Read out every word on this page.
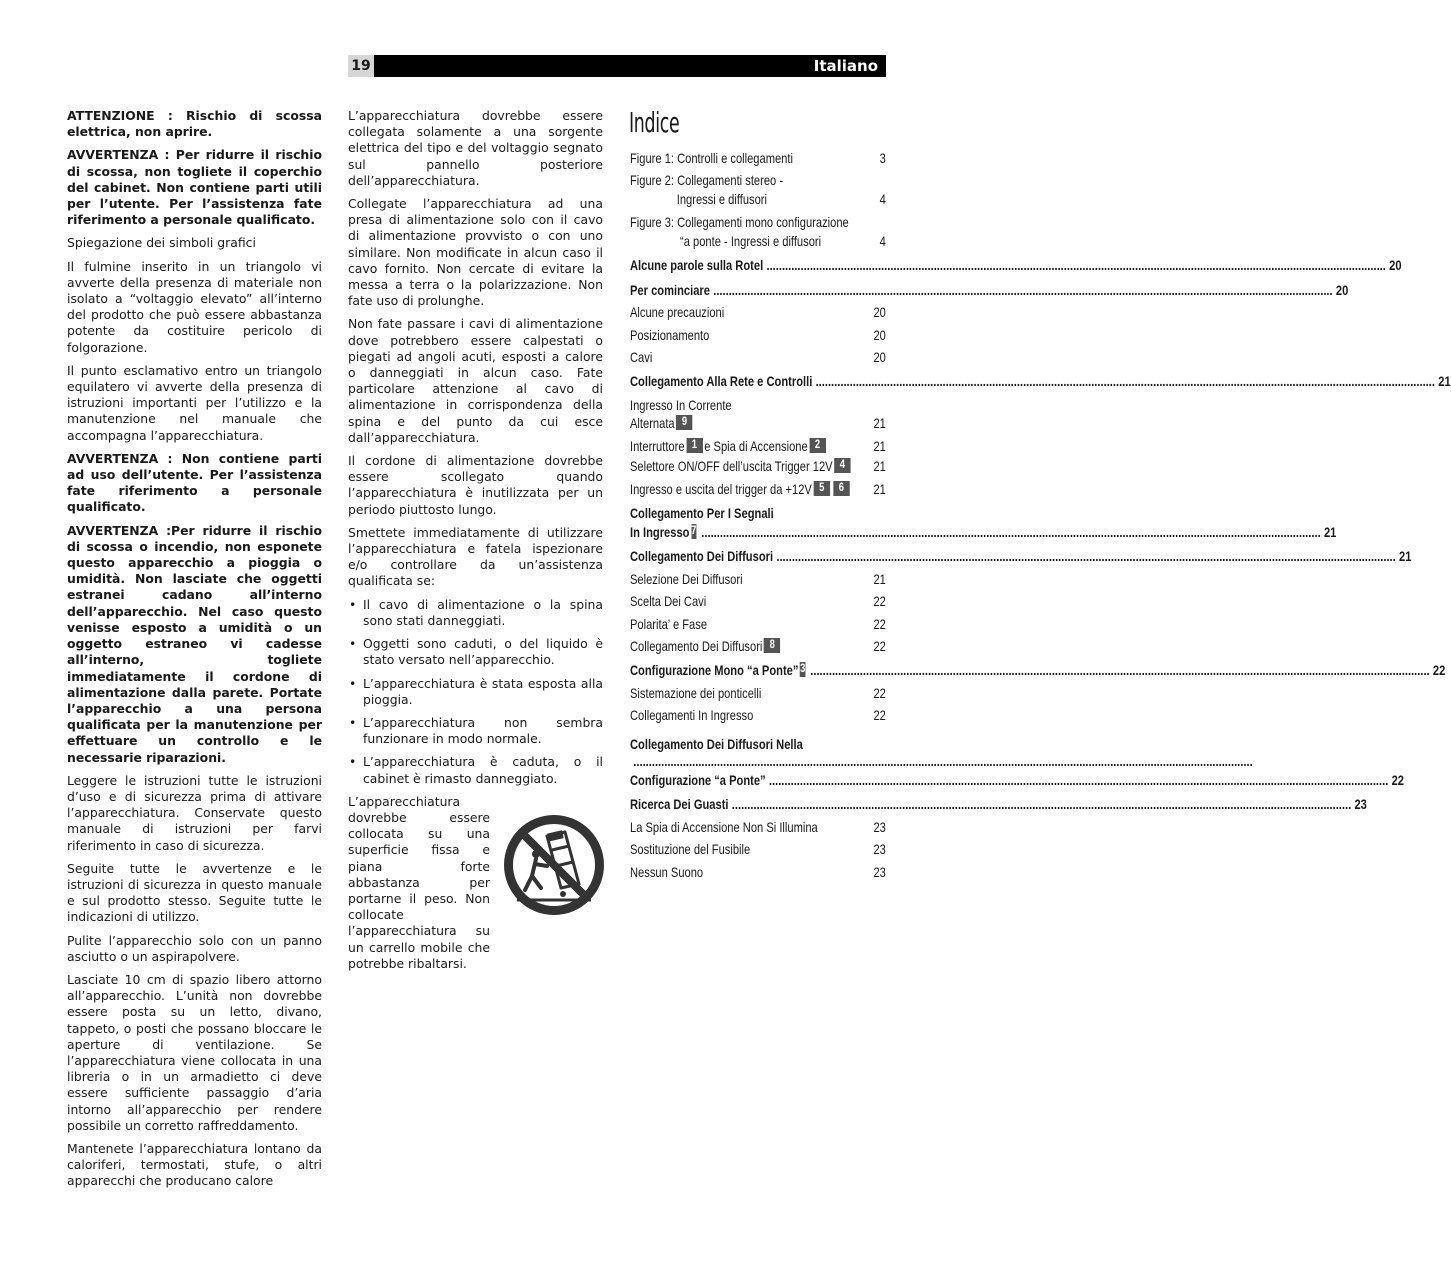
19	Italiano

ATTENZIONE : Rischio di scossa elettrica, non aprire.

AVVERTENZA : Per ridurre il rischio di scossa, non togliete il coperchio del cabinet. Non contiene parti utili per l’utente. Per l’assistenza fate riferimento a personale qualificato.

Spiegazione dei simboli grafici

Il fulmine inserito in un triangolo vi avverte della presenza di materiale non isolato a “voltaggio elevato” all’interno del prodotto che può essere abbastanza potente da costituire pericolo di folgorazione.

Il punto esclamativo entro un triangolo equilatero vi avverte della presenza di istruzioni importanti per l’utilizzo e la manutenzione nel manuale che accompagna l’apparecchiatura.

AVVERTENZA : Non contiene parti ad uso dell’utente. Per l’assistenza fate riferimento a personale qualificato.

AVVERTENZA :Per ridurre il rischio di scossa o incendio, non esponete questo apparecchio a pioggia o umidità. Non lasciate che oggetti estranei cadano all’interno dell’apparecchio. Nel caso questo venisse esposto a umidità o un oggetto estraneo vi cadesse all’interno, togliete immediatamente il cordone di alimentazione dalla parete. Portate l’apparecchio a una persona qualificata per la manutenzione per effettuare un controllo e le necessarie riparazioni.

Leggere le istruzioni tutte le istruzioni d’uso e di sicurezza prima di attivare l’apparecchiatura. Conservate questo manuale di istruzioni per farvi riferimento in caso di sicurezza.

Seguite tutte le avvertenze e le istruzioni di sicurezza in questo manuale e sul prodotto stesso. Seguite tutte le indicazioni di utilizzo.

Pulite l’apparecchio solo con un panno asciutto o un aspirapolvere.

Lasciate 10 cm di spazio libero attorno all’apparecchio. L’unità non dovrebbe essere posta su un letto, divano, tappeto, o posti che possano bloccare le aperture di ventilazione. Se l’apparecchiatura viene collocata in una libreria o in un armadietto ci deve essere sufficiente passaggio d’aria intorno all’apparecchio per rendere possibile un corretto raffreddamento.

Mantenete l’apparecchiatura lontano da caloriferi, termostati, stufe, o altri apparecchi che producano calore

L’apparecchiatura dovrebbe essere collegata solamente a una sorgente elettrica del tipo e del voltaggio segnato sul pannello posteriore dell’apparecchiatura.

Collegate l’apparecchiatura ad una presa di alimentazione solo con il cavo di alimentazione provvisto o con uno similare. Non modificate in alcun caso il cavo fornito. Non cercate di evitare la messa a terra o la polarizzazione. Non fate uso di prolunghe.

Non fate passare i cavi di alimentazione dove potrebbero essere calpestati o piegati ad angoli acuti, esposti a calore o danneggiati in alcun caso. Fate particolare attenzione al cavo di alimentazione in corrispondenza della spina e del punto da cui esce dall’apparecchiatura.

Il cordone di alimentazione dovrebbe essere scollegato quando l’apparecchiatura è inutilizzata per un periodo piuttosto lungo.

Smettete immediatamente di utilizzare l’apparecchiatura e fatela ispezionare e/o controllare da un’assistenza qualificata se:

• Il cavo di alimentazione o la spina sono stati danneggiati.
• Oggetti sono caduti, o del liquido è stato versato nell’apparecchio.
• L’apparecchiatura è stata esposta alla pioggia.
• L’apparecchiatura non sembra funzionare in modo normale.
• L’apparecchiatura è caduta, o il cabinet è rimasto danneggiato.
L’apparecchiatura dovrebbe essere collocata su una superficie fissa e piana forte abbastanza per portarne il peso. Non collocate l’apparecchiatura su un carrello mobile che potrebbe ribaltarsi.
Indice
Figure 1: Controlli e collegamenti	3
Figure 2: Collegamenti stereo -
Ingressi e diffusori	4
Figure 3: Collegamenti mono configurazione
“a ponte - Ingressi e diffusori	4
Alcune parole sulla Rotel ........................................................................................................................................................................................................ 20
Per cominciare ........................................................................................................................................................................................................ 20
Alcune precauzioni	20
Posizionamento	20
Cavi	20
Collegamento Alla Rete e Controlli ........................................................................................................................................................................................................ 21
Ingresso In Corrente
Alternata 9	21
Interruttore 1 e Spia di Accensione 2	21
Selettore ON/OFF dell’uscita Trigger 12V 4	21
Ingresso e uscita del trigger da +12V 5	6	21
Collegamento Per I Segnali
In Ingresso 7 ........................................................................................................................................................................................................ 21
Collegamento Dei Diffusori ........................................................................................................................................................................................................ 21
Selezione Dei Diffusori	21
Scelta Dei Cavi	22
Polarita’ e Fase	22
Collegamento Dei Diffusori 8	22
Configurazione Mono “a Ponte” 3 ........................................................................................................................................................................................................ 22
Sistemazione dei ponticelli	22
Collegamenti In Ingresso	22
Collegamento Dei Diffusori Nella
........................................................................................................................................................................................................
Configurazione “a Ponte” ........................................................................................................................................................................................................ 22
Ricerca Dei Guasti ........................................................................................................................................................................................................ 23
La Spia di Accensione Non Si Illumina	23
Sostituzione del Fusibile	23
Nessun Suono	23
